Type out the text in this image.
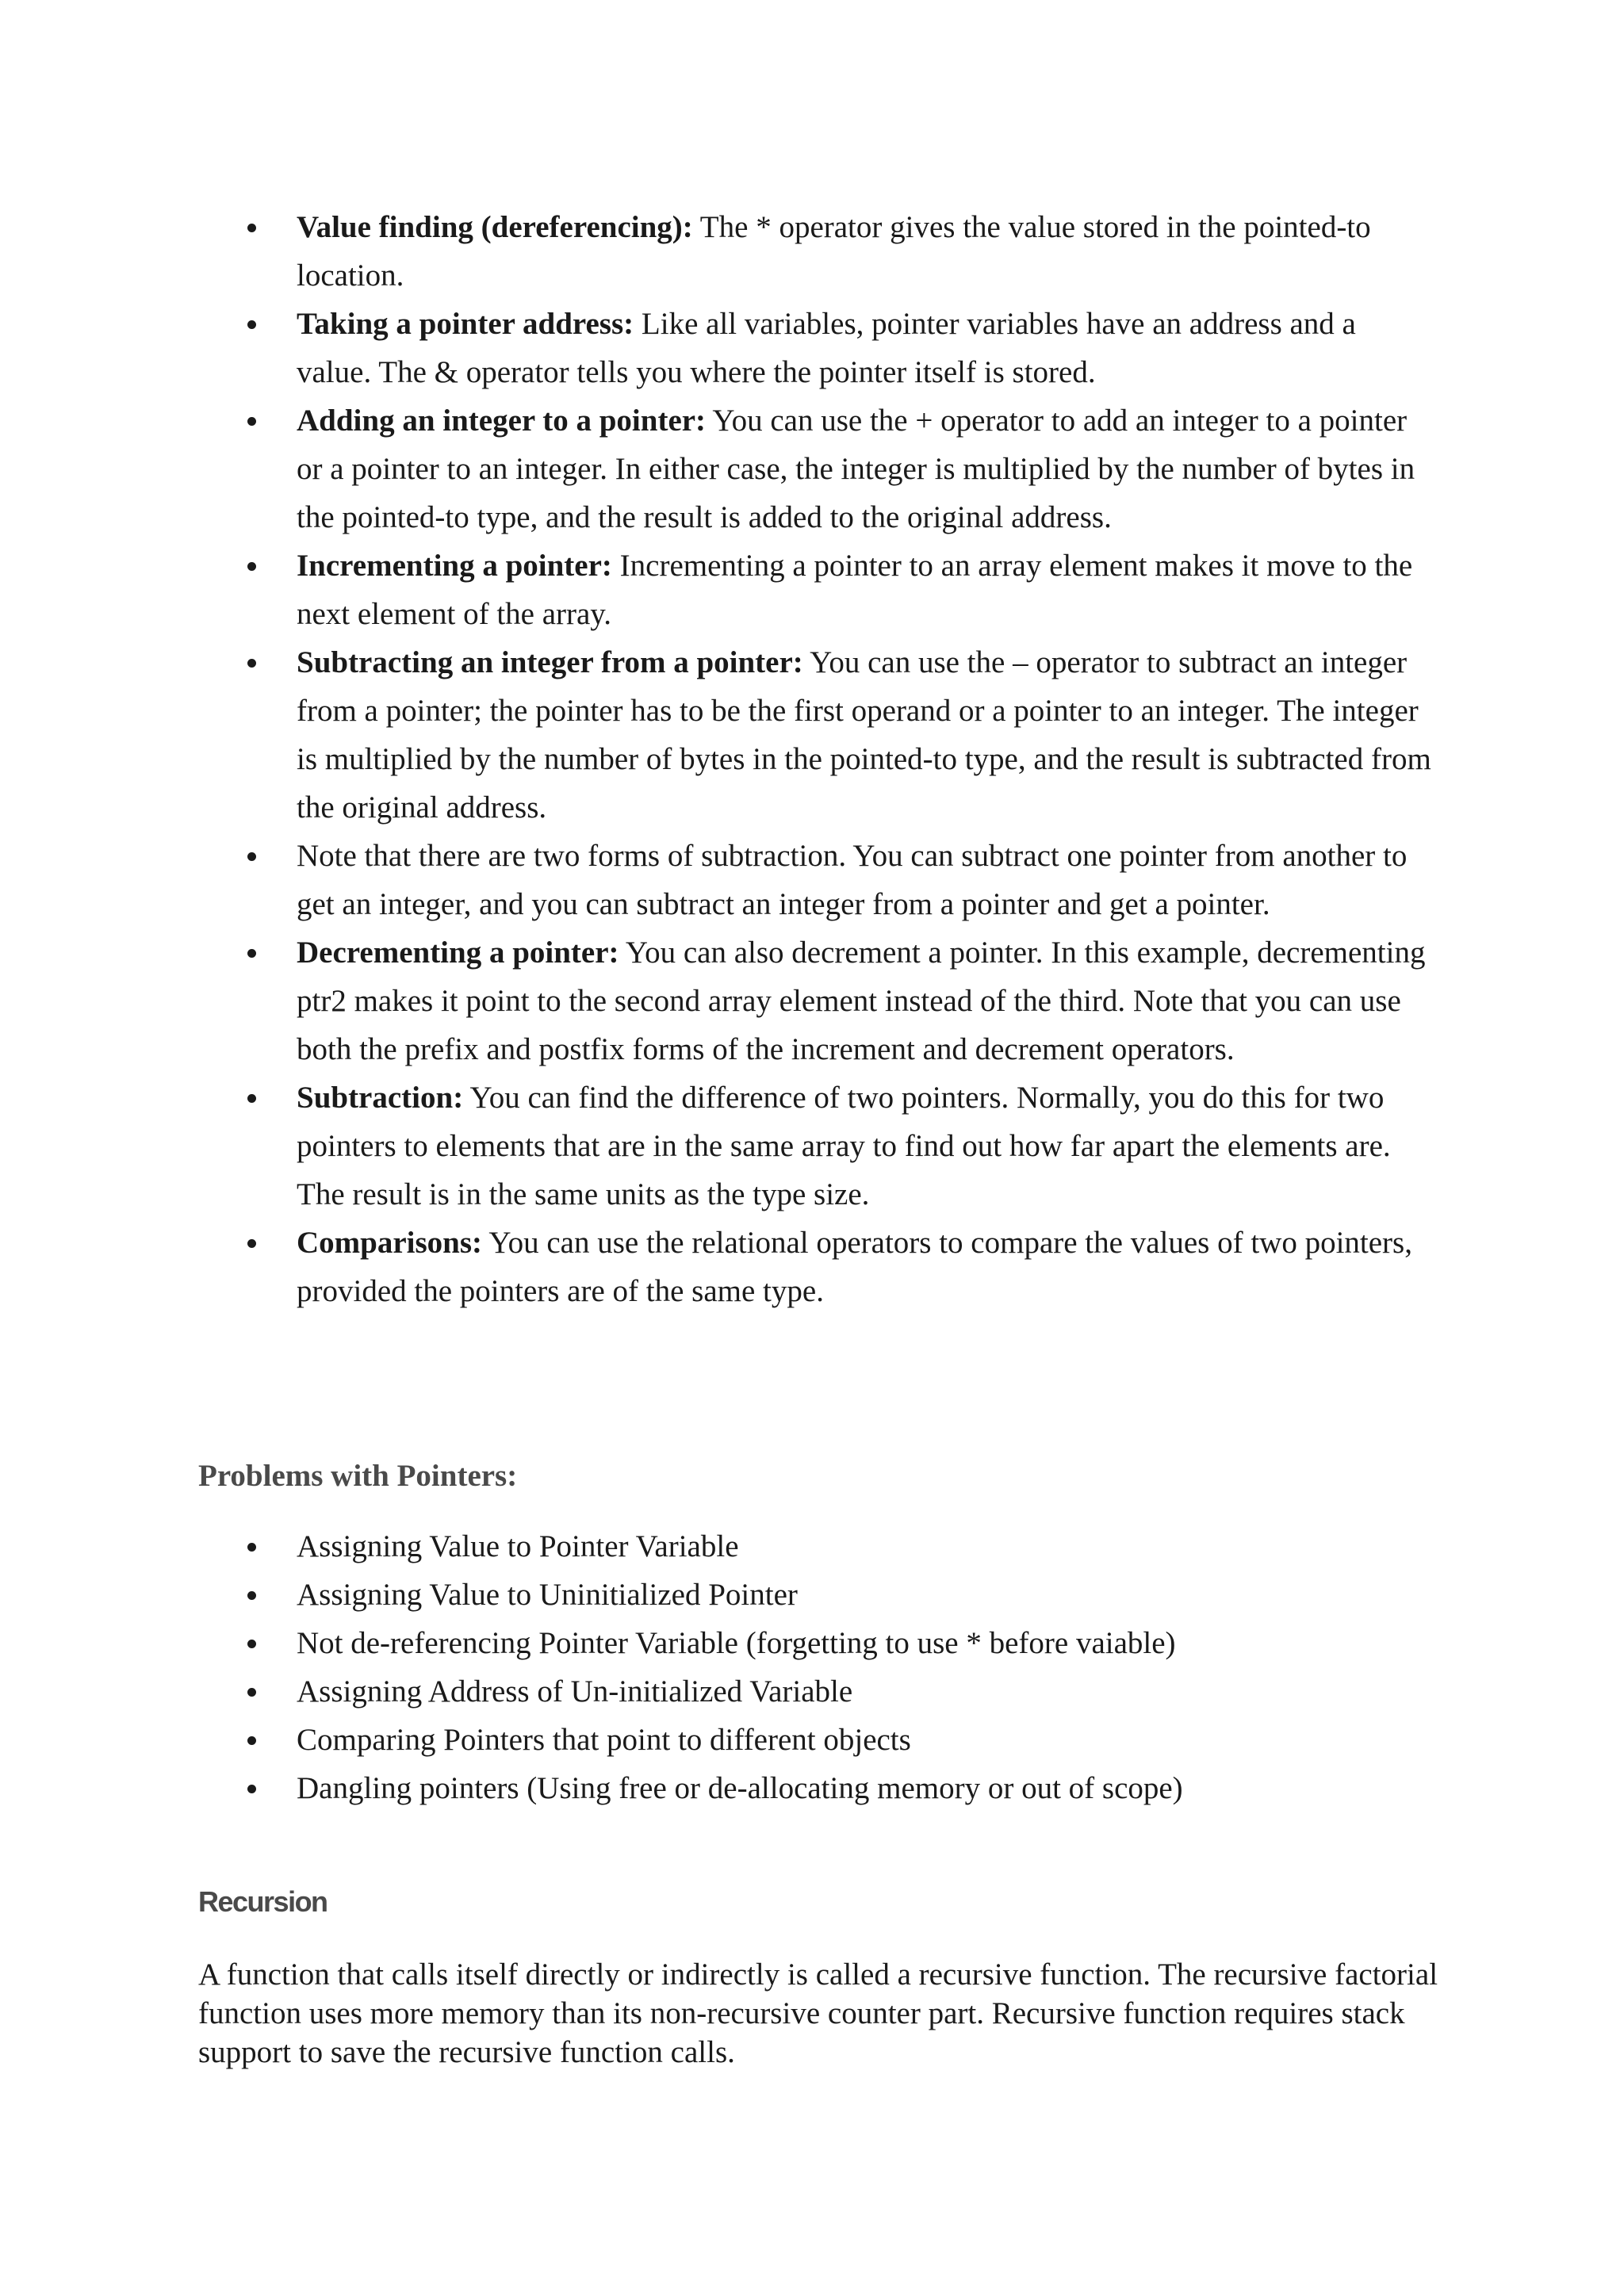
Value finding (dereferencing): The * operator gives the value stored in the pointed-to location.
Taking a pointer address: Like all variables, pointer variables have an address and a value. The & operator tells you where the pointer itself is stored.
Adding an integer to a pointer: You can use the + operator to add an integer to a pointer or a pointer to an integer. In either case, the integer is multiplied by the number of bytes in the pointed-to type, and the result is added to the original address.
Incrementing a pointer: Incrementing a pointer to an array element makes it move to the next element of the array.
Subtracting an integer from a pointer: You can use the – operator to subtract an integer from a pointer; the pointer has to be the first operand or a pointer to an integer. The integer is multiplied by the number of bytes in the pointed-to type, and the result is subtracted from the original address.
Note that there are two forms of subtraction. You can subtract one pointer from another to get an integer, and you can subtract an integer from a pointer and get a pointer.
Decrementing a pointer: You can also decrement a pointer. In this example, decrementing ptr2 makes it point to the second array element instead of the third. Note that you can use both the prefix and postfix forms of the increment and decrement operators.
Subtraction: You can find the difference of two pointers. Normally, you do this for two pointers to elements that are in the same array to find out how far apart the elements are. The result is in the same units as the type size.
Comparisons: You can use the relational operators to compare the values of two pointers, provided the pointers are of the same type.
Problems with Pointers:
Assigning Value to Pointer Variable
Assigning Value to Uninitialized Pointer
Not de-referencing Pointer Variable (forgetting to use * before vaiable)
Assigning Address of Un-initialized Variable
Comparing Pointers that point to different objects
Dangling pointers (Using free or de-allocating memory or out of scope)
Recursion

A function that calls itself directly or indirectly is called a recursive function. The recursive factorial function uses more memory than its non-recursive counter part. Recursive function requires stack support to save the recursive function calls.
